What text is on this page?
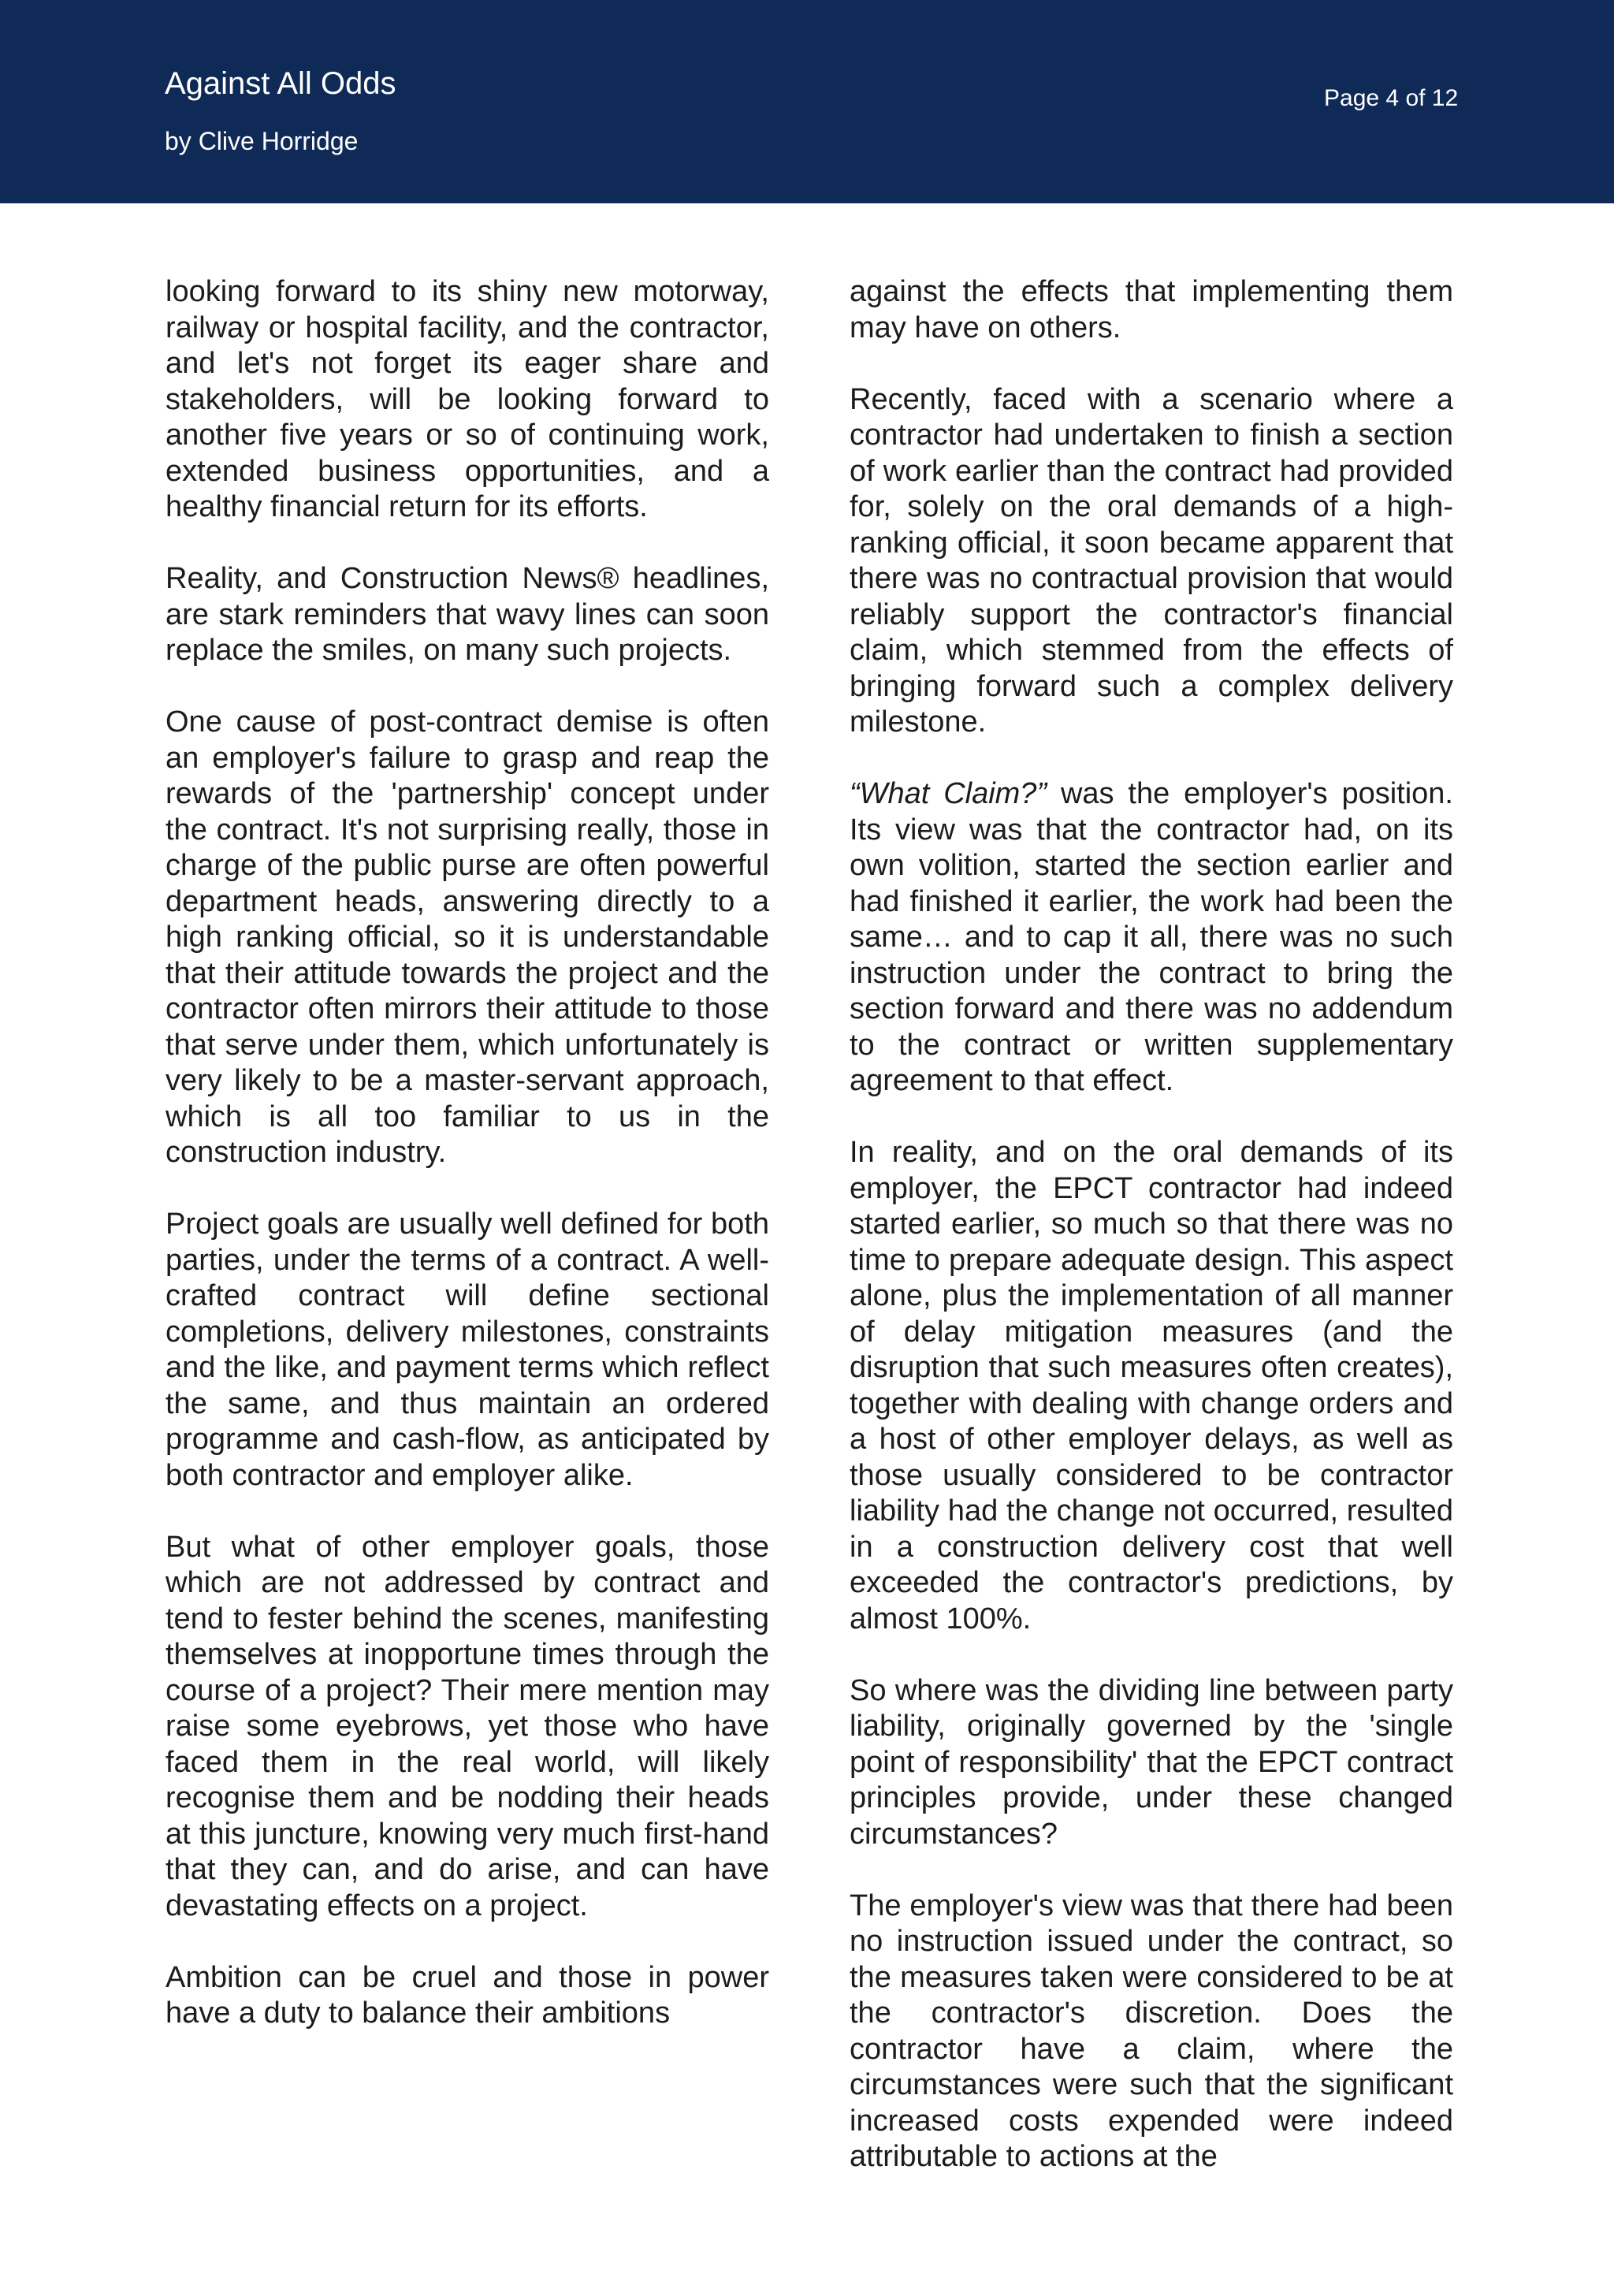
Against All Odds
by Clive Horridge
Page 4 of 12

looking forward to its shiny new motorway, railway or hospital facility, and the contractor, and let's not forget its eager share and stakeholders, will be looking forward to another five years or so of continuing work, extended business opportunities, and a healthy financial return for its efforts.

Reality, and Construction News® headlines, are stark reminders that wavy lines can soon replace the smiles, on many such projects.

One cause of post-contract demise is often an employer's failure to grasp and reap the rewards of the 'partnership' concept under the contract. It's not surprising really, those in charge of the public purse are often powerful department heads, answering directly to a high ranking official, so it is understandable that their attitude towards the project and the contractor often mirrors their attitude to those that serve under them, which unfortunately is very likely to be a master-servant approach, which is all too familiar to us in the construction industry.

Project goals are usually well defined for both parties, under the terms of a contract. A well-crafted contract will define sectional completions, delivery milestones, constraints and the like, and payment terms which reflect the same, and thus maintain an ordered programme and cash-flow, as anticipated by both contractor and employer alike.

But what of other employer goals, those which are not addressed by contract and tend to fester behind the scenes, manifesting themselves at inopportune times through the course of a project? Their mere mention may raise some eyebrows, yet those who have faced them in the real world, will likely recognise them and be nodding their heads at this juncture, knowing very much first-hand that they can, and do arise, and can have devastating effects on a project.

Ambition can be cruel and those in power have a duty to balance their ambitions

against the effects that implementing them may have on others.

Recently, faced with a scenario where a contractor had undertaken to finish a section of work earlier than the contract had provided for, solely on the oral demands of a high-ranking official, it soon became apparent that there was no contractual provision that would reliably support the contractor's financial claim, which stemmed from the effects of bringing forward such a complex delivery milestone.

“What Claim?” was the employer's position. Its view was that the contractor had, on its own volition, started the section earlier and had finished it earlier, the work had been the same… and to cap it all, there was no such instruction under the contract to bring the section forward and there was no addendum to the contract or written supplementary agreement to that effect.

In reality, and on the oral demands of its employer, the EPCT contractor had indeed started earlier, so much so that there was no time to prepare adequate design. This aspect alone, plus the implementation of all manner of delay mitigation measures (and the disruption that such measures often creates), together with dealing with change orders and a host of other employer delays, as well as those usually considered to be contractor liability had the change not occurred, resulted in a construction delivery cost that well exceeded the contractor's predictions, by almost 100%.

So where was the dividing line between party liability, originally governed by the 'single point of responsibility' that the EPCT contract principles provide, under these changed circumstances?

The employer's view was that there had been no instruction issued under the contract, so the measures taken were considered to be at the contractor's discretion. Does the contractor have a claim, where the circumstances were such that the significant increased costs expended were indeed attributable to actions at the
